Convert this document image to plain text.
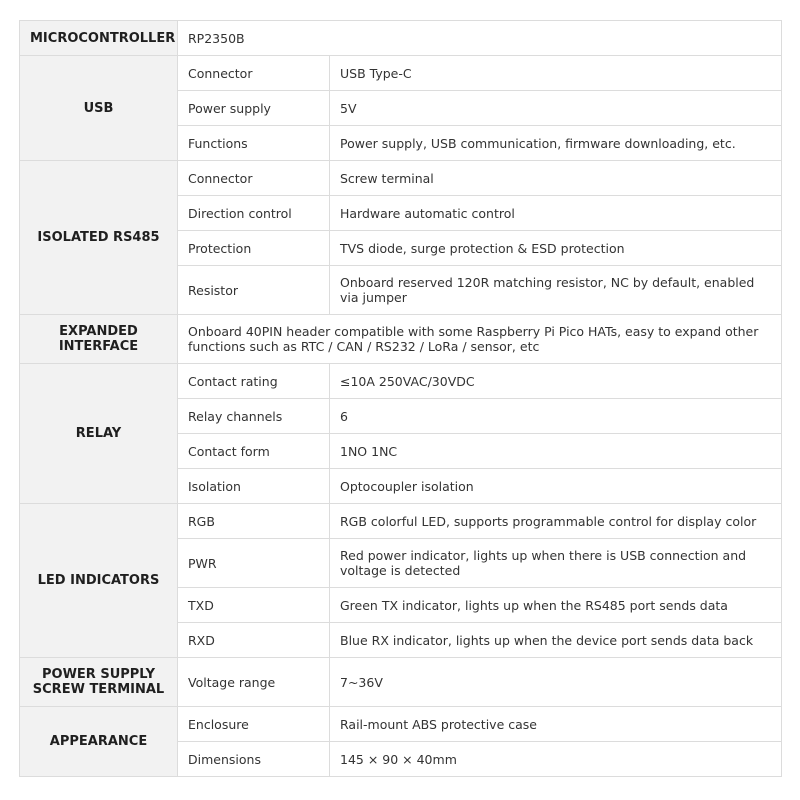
MICROCONTROLLER	RP2350B	
USB	Connector	USB Type-C
	Power supply	5V
	Functions	Power supply, USB communication, firmware downloading, etc.
ISOLATED RS485	Connector	Screw terminal
	Direction control	Hardware automatic control
	Protection	TVS diode, surge protection & ESD protection
	Resistor	Onboard reserved 120R matching resistor, NC by default, enabled via jumper
EXPANDED INTERFACE	Onboard 40PIN header compatible with some Raspberry Pi Pico HATs, easy to expand other functions such as RTC / CAN / RS232 / LoRa / sensor, etc	
RELAY	Contact rating	≤10A 250VAC/30VDC
	Relay channels	6
	Contact form	1NO 1NC
	Isolation	Optocoupler isolation
LED INDICATORS	RGB	RGB colorful LED, supports programmable control for display color
	PWR	Red power indicator, lights up when there is USB connection and voltage is detected
	TXD	Green TX indicator, lights up when the RS485 port sends data
	RXD	Blue RX indicator, lights up when the device port sends data back
POWER SUPPLY SCREW TERMINAL	Voltage range	7~36V
APPEARANCE	Enclosure	Rail-mount ABS protective case
	Dimensions	145 × 90 × 40mm
